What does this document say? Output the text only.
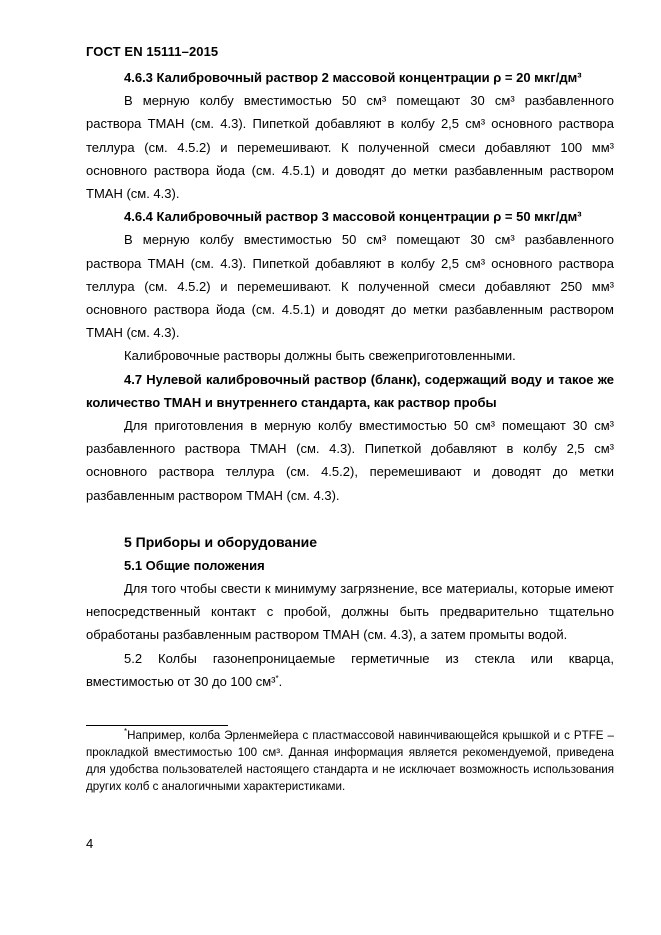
ГОСТ EN 15111–2015

4.6.3 Калибровочный раствор 2 массовой концентрации ρ = 20 мкг/дм³

В мерную колбу вместимостью 50 см³ помещают 30 см³ разбавленного раствора ТМАН (см. 4.3). Пипеткой добавляют в колбу 2,5 см³ основного раствора теллура (см. 4.5.2) и перемешивают. К полученной смеси добавляют 100 мм³ основного раствора йода (см. 4.5.1) и доводят до метки разбавленным раствором ТМАН (см. 4.3).

4.6.4 Калибровочный раствор 3 массовой концентрации ρ = 50 мкг/дм³

В мерную колбу вместимостью 50 см³ помещают 30 см³ разбавленного раствора ТМАН (см. 4.3). Пипеткой добавляют в колбу 2,5 см³ основного раствора теллура (см. 4.5.2) и перемешивают. К полученной смеси добавляют 250 мм³ основного раствора йода (см. 4.5.1) и доводят до метки разбавленным раствором ТМАН (см. 4.3).

Калибровочные растворы должны быть свежеприготовленными.

4.7 Нулевой калибровочный раствор (бланк), содержащий воду и такое же количество ТМАН и внутреннего стандарта, как раствор пробы

Для приготовления в мерную колбу вместимостью 50 см³ помещают 30 см³ разбавленного раствора ТМАН (см. 4.3). Пипеткой добавляют в колбу 2,5 см³ основного раствора теллура (см. 4.5.2), перемешивают и доводят до метки разбавленным раствором ТМАН (см. 4.3).

5 Приборы и оборудование

5.1 Общие положения

Для того чтобы свести к минимуму загрязнение, все материалы, которые имеют непосредственный контакт с пробой, должны быть предварительно тщательно обработаны разбавленным раствором ТМАН (см. 4.3), а затем промыты водой.

5.2 Колбы газонепроницаемые герметичные из стекла или кварца, вместимостью от 30 до 100 см³*.

*Например, колба Эрленмейера с пластмассовой навинчивающейся крышкой и с PTFE – прокладкой вместимостью 100 см³. Данная информация является рекомендуемой, приведена для удобства пользователей настоящего стандарта и не исключает возможность использования других колб с аналогичными характеристиками.

4
